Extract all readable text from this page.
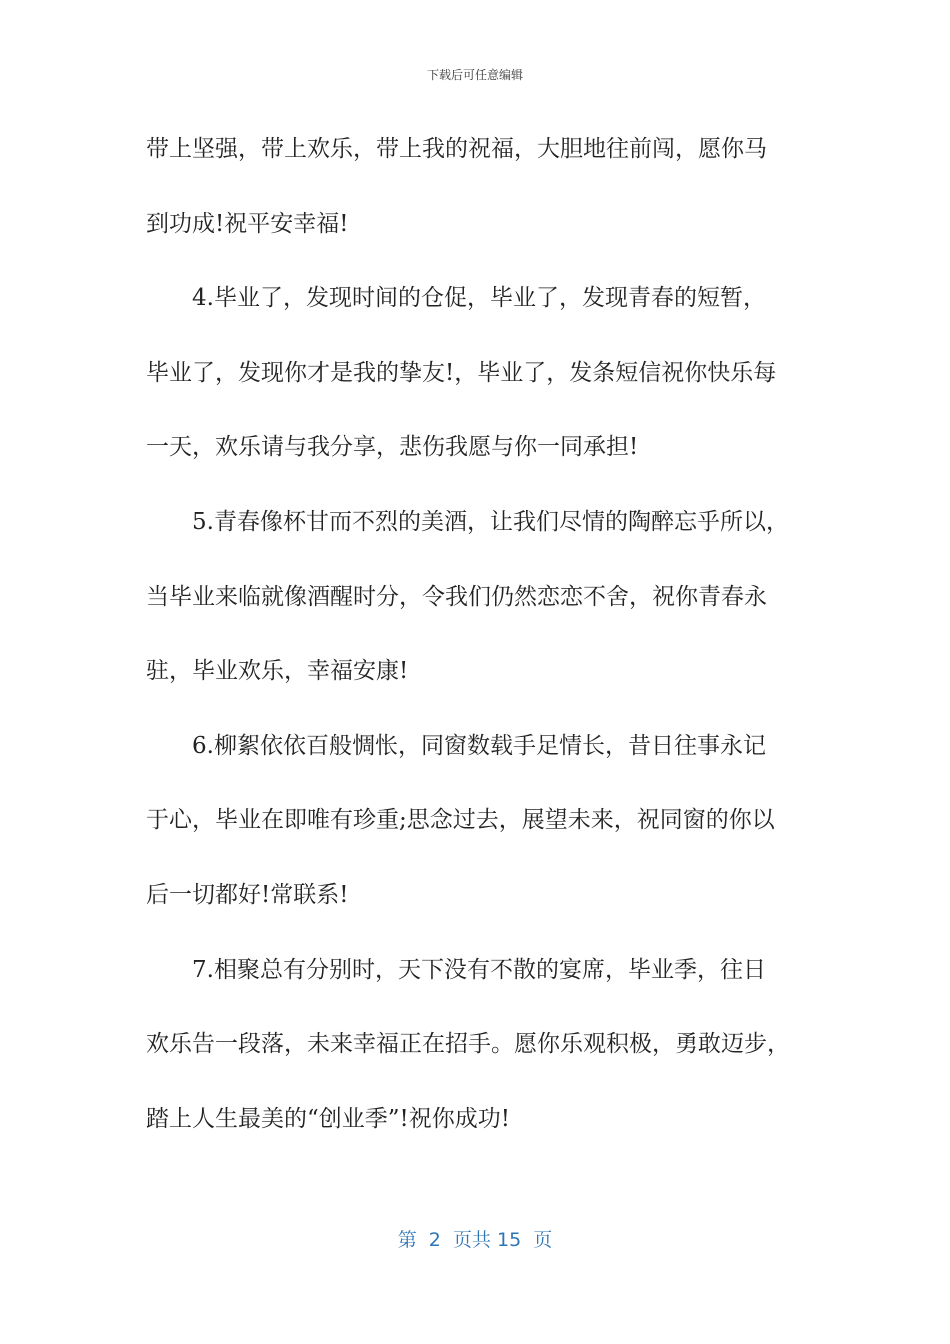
下载后可任意编辑
带上坚强，带上欢乐，带上我的祝福，大胆地往前闯，愿你马
到功成!祝平安幸福!
4.毕业了，发现时间的仓促，毕业了，发现青春的短暂，
毕业了，发现你才是我的挚友!，毕业了，发条短信祝你快乐每
一天，欢乐请与我分享，悲伤我愿与你一同承担!
5.青春像杯甘而不烈的美酒，让我们尽情的陶醉忘乎所以，
当毕业来临就像酒醒时分，令我们仍然恋恋不舍，祝你青春永
驻，毕业欢乐，幸福安康!
6.柳絮依依百般惆怅，同窗数载手足情长，昔日往事永记
于心，毕业在即唯有珍重;思念过去，展望未来，祝同窗的你以
后一切都好!常联系!
7.相聚总有分别时，天下没有不散的宴席，毕业季，往日
欢乐告一段落，未来幸福正在招手。愿你乐观积极，勇敢迈步，
踏上人生最美的“创业季”!祝你成功!
第  2  页共 15  页
